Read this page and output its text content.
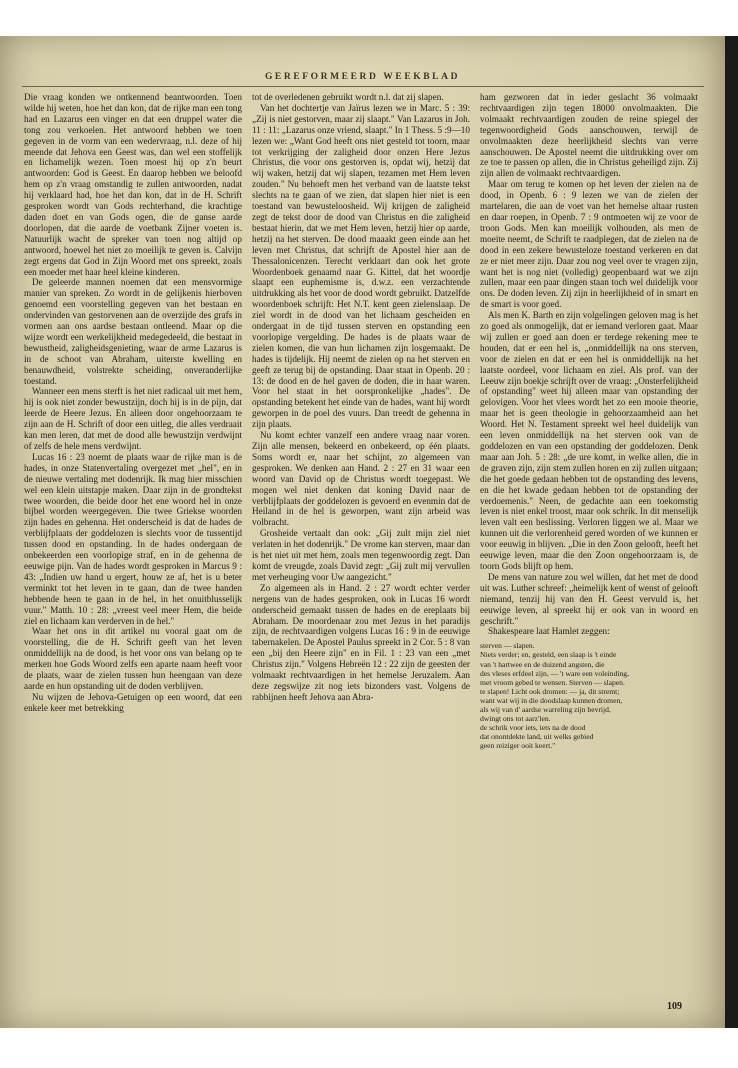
GEREFORMEERD WEEKBLAD

Die vraag konden we ontkennend beantwoorden. Toen wilde hij weten, hoe het dan kon, dat de rijke man een tong had en Lazarus een vinger en dat een druppel water die tong zou verkoelen. Het antwoord hebben we toen gegeven in de vorm van een wedervraag, n.l. deze of hij meende dat Jehova een Geest was, dan wel een stoffelijk en lichamelijk wezen. Toen moest hij op z'n beurt antwoorden: God is Geest. En daarop hebben we beloofd hem op z'n vraag omstandig te zullen antwoorden, nadat hij verklaard had, hoe het dan kon, dat in de H. Schrift gesproken wordt van Gods rechterhand, die krachtige daden doet en van Gods ogen, die de ganse aarde doorlopen, dat die aarde de voetbank Zijner voeten is. Natuurlijk wacht de spreker van toen nog altijd op antwoord, hoewel het niet zo moeilijk te geven is. Calvijn zegt ergens dat God in Zijn Woord met ons spreekt, zoals een moeder met haar heel kleine kinderen.

De geleerde mannen noemen dat een mensvormige manier van spreken. Zo wordt in de gelijkenis hierboven genoemd een voorstelling gegeven van het bestaan en ondervinden van gestorvenen aan de overzijde des grafs in vormen aan ons aardse bestaan ontleend. Maar op die wijze wordt een werkelijkheid medegedeeld, die bestaat in bewustheid, zaligheidsgenieting, waar de arme Lazarus is in de schoot van Abraham, uiterste kwelling en benauwdheid, volstrekte scheiding, onveranderlijke toestand.

Wanneer een mens sterft is het niet radicaal uit met hem, hij is ook niet zonder bewustzijn, doch hij is in de pijn, dat leerde de Heere Jezus. En alleen door ongehoorzaam te zijn aan de H. Schrift of door een uitleg, die alles verdraait kan men leren, dat met de dood alle bewustzijn verdwijnt of zelfs de hele mens verdwijnt.

Lucas 16 : 23 noemt de plaats waar de rijke man is de hades, in onze Statenvertaling overgezet met „hel", en in de nieuwe vertaling met dodenrijk. Ik mag hier misschien wel een klein uitstapje maken. Daar zijn in de grondtekst twee woorden, die beide door het ene woord hel in onze bijbel worden weergegeven. Die twee Griekse woorden zijn hades en gehenna. Het onderscheid is dat de hades de verblijfplaats der goddelozen is slechts voor de tussentijd tussen dood en opstanding. In de hades ondergaan de onbekeerden een voorlopige straf, en in de gehenna de eeuwige pijn. Van de hades wordt gesproken in Marcus 9 : 43: „Indien uw hand u ergert, houw ze af, het is u beter verminkt tot het leven in te gaan, dan de twee handen hebbende heen te gaan in de hel, in het onuitblusselijk vuur." Matth. 10 : 28: „vreest veel meer Hem, die beide ziel en lichaam kan verderven in de hel."

Waar het ons in dit artikel nu vooral gaat om de voorstelling, die de H. Schrift geeft van het leven onmiddellijk na de dood, is het voor ons van belang op te merken hoe Gods Woord zelfs een aparte naam heeft voor de plaats, waar de zielen tussen hun heengaan van deze aarde en hun opstanding uit de doden verblijven.

Nu wijzen de Jehova-Getuigen op een woord, dat een enkele keer met betrekking

tot de overledenen gebruikt wordt n.l. dat zij slapen.

Van het dochtertje van Jaïrus lezen we in Marc. 5 : 39: „Zij is niet gestorven, maar zij slaapt." Van Lazarus in Joh. 11 : 11: „Lazarus onze vriend, slaapt." In 1 Thess. 5 :9—10 lezen we: „Want God heeft ons niet gesteld tot toorn, maar tot verkrijging der zaligheid door onzen Here Jezus Christus, die voor ons gestorven is, opdat wij, hetzij dat wij waken, hetzij dat wij slapen, tezamen met Hem leven zouden." Nu behoeft men het verband van de laatste tekst slechts na te gaan of we zien, dat slapen hier niet is een toestand van bewusteloosheid. Wij krijgen de zaligheid zegt de tekst door de dood van Christus en die zaligheid bestaat hierin, dat we met Hem leven, hetzij hier op aarde, hetzij na het sterven. De dood maaakt geen einde aan het leven met Christus, dat schrijft de Apostel hier aan de Thessalonicenzen. Terecht verklaart dan ook het grote Woordenboek genaamd naar G. Kittel, dat het woordje slaapt een euphemisme is, d.w.z. een verzachtende uitdrukking als het voor de dood wordt gebruikt. Datzelfde woordenboek schrijft: Het N.T. kent geen zielenslaap. De ziel wordt in de dood van het lichaam gescheiden en ondergaat in de tijd tussen sterven en opstanding een voorlopige vergelding. De hades is de plaats waar de zielen komen, die van hun lichamen zijn losgemaakt. De hades is tijdelijk. Hij neemt de zielen op na het sterven en geeft ze terug bij de opstanding. Daar staat in Openb. 20 : 13: de dood en de hel gaven de doden, die in haar waren. Voor hel staat in het oorspronkelijke „hades". De opstanding betekent het einde van de hades, want hij wordt geworpen in de poel des vuurs. Dan treedt de gehenna in zijn plaats.

Nu komt echter vanzelf een andere vraag naar voren. Zijn alle mensen, bekeerd en onbekeerd, op één plaats. Soms wordt er, naar het schijnt, zo algemeen van gesproken. We denken aan Hand. 2 : 27 en 31 waar een woord van David op de Christus wordt toegepast. We mogen wel niet denken dat koning David naar de verblijfplaats der goddelozen is gevoerd en evenmin dat de Heiland in de hel is geworpen, want zijn arbeid was volbracht.

Grosheide vertaalt dan ook: „Gij zult mijn ziel niet verlaten in het dodenrijk." De vrome kan sterven, maar dan is het niet uit met hem, zoals men tegenwoordig zegt. Dan komt de vreugde, zoals David zegt: „Gij zult mij vervullen met verheuging voor Uw aangezicht."

Zo algemeen als in Hand. 2 : 27 wordt echter verder nergens van de hades gesproken, ook in Lucas 16 wordt onderscheid gemaakt tussen de hades en de ereplaats bij Abraham. De moordenaar zou met Jezus in het paradijs zijn, de rechtvaardigen volgens Lucas 16 : 9 in de eeuwige tabernakelen. De Apostel Paulus spreekt in 2 Cor. 5 : 8 van een „bij den Heere zijn" en in Fil. 1 : 23 van een „met Christus zijn." Volgens Hebreën 12 : 22 zijn de geesten der volmaakt rechtvaardigen in het hemelse Jeruzalem. Aan deze zegswijze zit nog iets bizonders vast. Volgens de rabbijnen heeft Jehova aan Abra-

ham gezworen dat in ieder geslacht 36 volmaakt rechtvaardigen zijn tegen 18000 onvolmaakten. Die volmaakt rechtvaardigen zouden de reine spiegel der tegenwoordigheid Gods aanschouwen, terwijl de onvolmaakten deze heerlijkheid slechts van verre aanschouwen. De Apostel neemt die uitdrukking over om ze toe te passen op allen, die in Christus geheiligd zijn. Zij zijn allen de volmaakt rechtvaardigen.

Maar om terug te komen op het leven der zielen na de dood, in Openb. 6 : 9 lezen we van de zielen der martelaren, die aan de voet van het hemelse altaar rusten en daar roepen, in Openb. 7 : 9 ontmoeten wij ze voor de troon Gods. Men kan moeilijk volhouden, als men de moeite neemt, de Schrift te raadplegen, dat de zielen na de dood in een zekere bewusteloze toestand verkeren en dat ze er niet meer zijn. Daar zou nog veel over te vragen zijn, want het is nog niet (volledig) geopenbaard wat we zijn zullen, maar een paar dingen staan toch wel duidelijk voor ons. De doden leven. Zij zijn in heerlijkheid of in smart en de smart is voor goed.

Als men K. Barth en zijn volgelingen geloven mag is het zo goed als onmogelijk, dat er iemand verloren gaat. Maar wij zullen er goed aan doen er terdege rekening mee te houden, dat er een hel is, „onmiddellijk na ons sterven, voor de zielen en dat er een hel is onmiddellijk na het laatste oordeel, voor lichaam en ziel. Als prof. van der Leeuw zijn boekje schrijft over de vraag: „Onsterfelijkheid of opstanding" weet hij alleen maar van opstanding der gelovigen. Voor het vlees wordt het zo een mooie theorie, maar het is geen theologie in gehoorzaamheid aan het Woord. Het N. Testament spreekt wel heel duidelijk van een leven onmiddellijk na het sterven ook van de goddelozen en van een opstanding der goddelozen. Denk maar aan Joh. 5 : 28: „de ure komt, in welke allen, die in de graven zijn, zijn stem zullen horen en zij zullen uitgaan; die het goede gedaan hebben tot de opstanding des levens, en die het kwade gedaan hebben tot de opstanding der verdoemenis." Neen, de gedachte aan een toekomstig leven is niet enkel troost, maar ook schrik. In dit menselijk leven valt een beslissing. Verloren liggen we al. Maar we kunnen uit die verlorenheid gered worden of we kunnen er voor eeuwig in blijven. „Die in den Zoon gelooft, heeft het eeuwige leven, maar die den Zoon ongehoorzaam is, de toorn Gods blijft op hem.

De mens van nature zou wel willen, dat het met de dood uit was. Luther schreef: „heimelijk kent of wenst of gelooft niemand, tenzij hij van den H. Geest vervuld is, het eeuwige leven, al spreekt hij er ook van in woord en geschrift."

Shakespeare laat Hamlet zeggen:

sterven — slapen.
Niets verder; en, gesteld, een slaap is 't einde
van 't hartwee en de duizend angsten, die
des vleses erfdeel zijn, — 't ware een voleinding,
met vroom gebed te wensen. Sterven — slapen.
te slapen! Licht ook dromen: — ja, dit stremt;
want wat wij in die doodslaap kunnen dromen,
als wij van d' aardse warreling zijn bevrijd,
dwingt ons tot aarz'len.
de schrik voor iets, iets na de dood
dat onontdekte land, uit welks gebied
geen reiziger ooit keert."

109
